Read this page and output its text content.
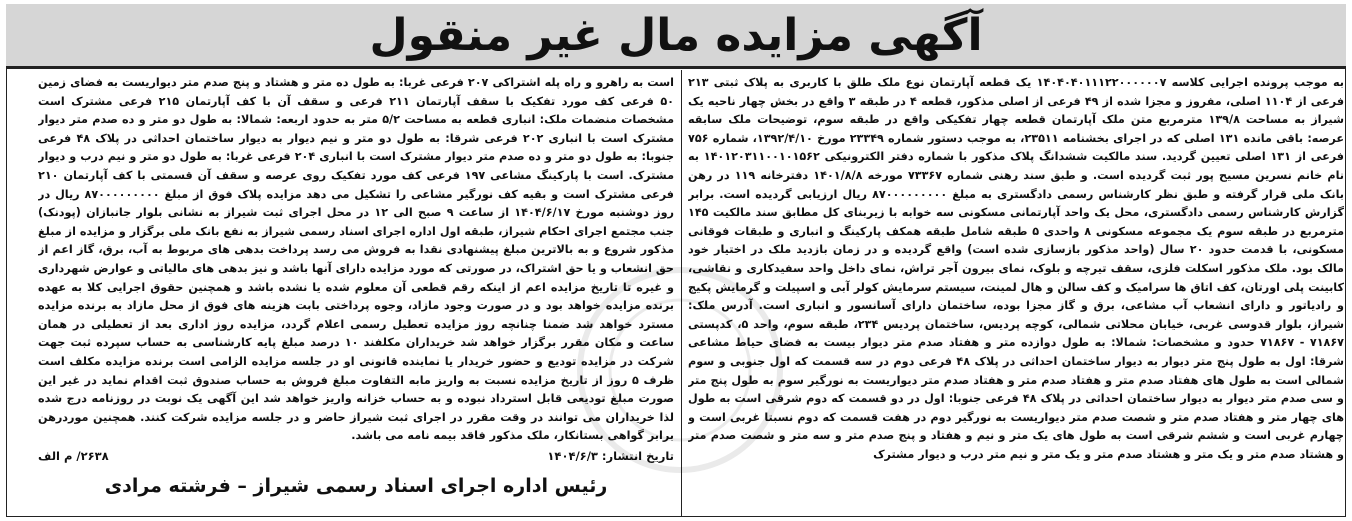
آگهی مزایده مال غیر منقول
به موجب پرونده اجرایی کلاسه ۱۴۰۴۰۴۰۱۱۱۲۲۰۰۰۰۰۰۷ یک قطعه آپارتمان نوع ملک طلق با کاربری به پلاک ثبتی ۲۱۳ فرعی از ۱۱۰۴ اصلی، مفروز و مجزا شده از ۴۹ فرعی از اصلی مذکور، قطعه ۴ در طبقه ۳ واقع در بخش چهار ناحیه یک شیراز به مساحت ۱۳۹/۸ مترمربع متن ملک آپارتمان قطعه چهار تفکیکی واقع در طبقه سوم، توضیحات ملک سابقه عرصه: باقی مانده ۱۳۱ اصلی که در اجرای بخشنامه ۲۳۵۱۱، به موجب دستور شماره ۲۳۳۴۹ مورخ ۱۳۹۲/۴/۱۰، شماره ۷۵۶ فرعی از ۱۳۱ اصلی تعیین گردید. سند مالکیت ششدانگ پلاک مذکور با شماره دفتر الکترونیکی ۱۴۰۱۲۰۳۱۱۰۰۱۰۱۵۶۲ به نام خانم نسرین مسیح پور ثبت گردیده است. و طبق سند رهنی شماره ۷۳۳۶۷ مورخه ۱۴۰۱/۸/۸ دفترخانه ۱۱۹ در رهن بانک ملی قرار گرفته و طبق نظر کارشناس رسمی دادگستری به مبلغ ۸۷۰۰۰۰۰۰۰۰۰ ریال ارزیابی گردیده است. برابر گزارش کارشناس رسمی دادگستری، محل یک واحد آپارتمانی مسکونی سه خوابه با زیربنای کل مطابق سند مالکیت ۱۴۵ مترمربع در طبقه سوم یک مجموعه مسکونی ۸ واحدی ۵ طبقه شامل طبقه همکف پارکینگ و انباری و طبقات فوقانی مسکونی، با قدمت حدود ۲۰ سال (واحد مذکور بازسازی شده است) واقع گردیده و در زمان بازدید ملک در اختیار خود مالک بود. ملک مذکور اسکلت فلزی، سقف تیرچه و بلوک، نمای بیرون آجر تراش، نمای داخل واحد سفیدکاری و نقاشی، کابینت پلی اورتان، کف اتاق ها سرامیک و کف سالن و هال لمینت، سیستم سرمایش کولر آبی و اسپیلت و گرمایش پکیج و رادیاتور و دارای انشعاب آب مشاعی، برق و گاز مجزا بوده، ساختمان دارای آسانسور و انباری است. آدرس ملک: شیراز، بلوار قدوسی غربی، خیابان محلاتی شمالی، کوچه پردیس، ساختمان پردیس ۲۳۴، طبقه سوم، واحد ۵، کدپستی ۷۱۸۶۷ - ۷۱۸۶۷ حدود و مشخصات: شمالا: به طول دوازده متر و هفتاد صدم متر دیوار بیست به فضای حیاط مشاعی شرقا: اول به طول پنج متر دیوار به دیوار ساختمان احداثی در پلاک ۴۸ فرعی دوم در سه قسمت که اول جنوبی و سوم شمالی است به طول های هفتاد صدم متر و هفتاد صدم متر و هفتاد صدم متر دیواریست به نورگیر سوم به طول پنج متر و سی صدم متر دیوار به دیوار ساختمان احداثی در پلاک ۴۸ فرعی جنوبا: اول در دو قسمت که دوم شرقی است به طول های چهار متر و هفتاد صدم متر و شصت صدم متر دیواریست به نورگیر دوم در هفت قسمت که دوم نسبتا غربی است و چهارم غربی است و ششم شرقی است به طول های یک متر و نیم و هفتاد و پنج صدم متر و سه متر و شصت صدم متر و هشتاد صدم متر و یک متر و هشتاد صدم متر و یک متر و نیم متر درب و دیوار مشترک
است به راهرو و راه پله اشتراکی ۲۰۷ فرعی غربا: به طول ده متر و هشتاد و پنج صدم متر دیواریست به فضای زمین ۵۰ فرعی کف مورد تفکیک با سقف آپارتمان ۲۱۱ فرعی و سقف آن با کف آپارتمان ۲۱۵ فرعی مشترک است مشخصات منضمات ملک: انباری قطعه به مساحت ۵/۲ متر به حدود اربعه: شمالا: به طول دو متر و ده صدم متر دیوار مشترک است با انباری ۲۰۲ فرعی شرقا: به طول دو متر و نیم دیوار به دیوار ساختمان احداثی در پلاک ۴۸ فرعی جنوبا: به طول دو متر و ده صدم متر دیوار مشترک است با انباری ۲۰۴ فرعی غربا: به طول دو متر و نیم درب و دیوار مشترک. است با پارکینگ مشاعی ۱۹۷ فرعی کف مورد تفکیک روی عرصه و سقف آن قسمتی با کف آپارتمان ۲۱۰ فرعی مشترک است و بقیه کف نورگیر مشاعی را تشکیل می دهد مزایده پلاک فوق از مبلغ ۸۷۰۰۰۰۰۰۰۰۰ ریال در روز دوشنبه مورخ ۱۴۰۴/۶/۱۷ از ساعت ۹ صبح الی ۱۲ در محل اجرای ثبت شیراز به نشانی بلوار جانبازان (پودنک) جنب مجتمع اجرای احکام شیراز، طبقه اول اداره اجرای اسناد رسمی شیراز به نفع بانک ملی برگزار و مزایده از مبلغ مذکور شروع و به بالاترین مبلغ پیشنهادی نقدا به فروش می رسد پرداخت بدهی های مربوط به آب، برق، گاز اعم از حق انشعاب و یا حق اشتراک، در صورتی که مورد مزایده دارای آنها باشد و نیز بدهی های مالیاتی و عوارض شهرداری و غیره تا تاریخ مزایده اعم از اینکه رقم قطعی آن معلوم شده یا نشده باشد و همچنین حقوق اجرایی کلا به عهده برنده مزایده خواهد بود و در صورت وجود مازاد، وجوه پرداختی بابت هزینه های فوق از محل مازاد به برنده مزایده مسترد خواهد شد ضمنا چنانچه روز مزایده تعطیل رسمی اعلام گردد، مزایده روز اداری بعد از تعطیلی در همان ساعت و مکان مقرر برگزار خواهد شد خریداران مکلفند ۱۰ درصد مبلغ پایه کارشناسی به حساب سپرده ثبت جهت شرکت در مزایده تودیع و حضور خریدار یا نماینده قانونی او در جلسه مزایده الزامی است برنده مزایده مکلف است ظرف ۵ روز از تاریخ مزایده نسبت به واریز مابه التفاوت مبلغ فروش به حساب صندوق ثبت اقدام نماید در غیر این صورت مبلغ تودیعی قابل استرداد نبوده و به حساب خزانه واریز خواهد شد این آگهی یک نوبت در روزنامه درج شده لذا خریداران می توانند در وقت مقرر در اجرای ثبت شیراز حاضر و در جلسه مزایده شرکت کنند. همچنین موردرهن برابر گواهی بستانکار، ملک مذکور فاقد بیمه نامه می باشد.
تاریخ انتشار: ۱۴۰۴/۶/۳
۲۶۳۸/ م الف
رئیس اداره اجرای اسناد رسمی شیراز – فرشته مرادی
